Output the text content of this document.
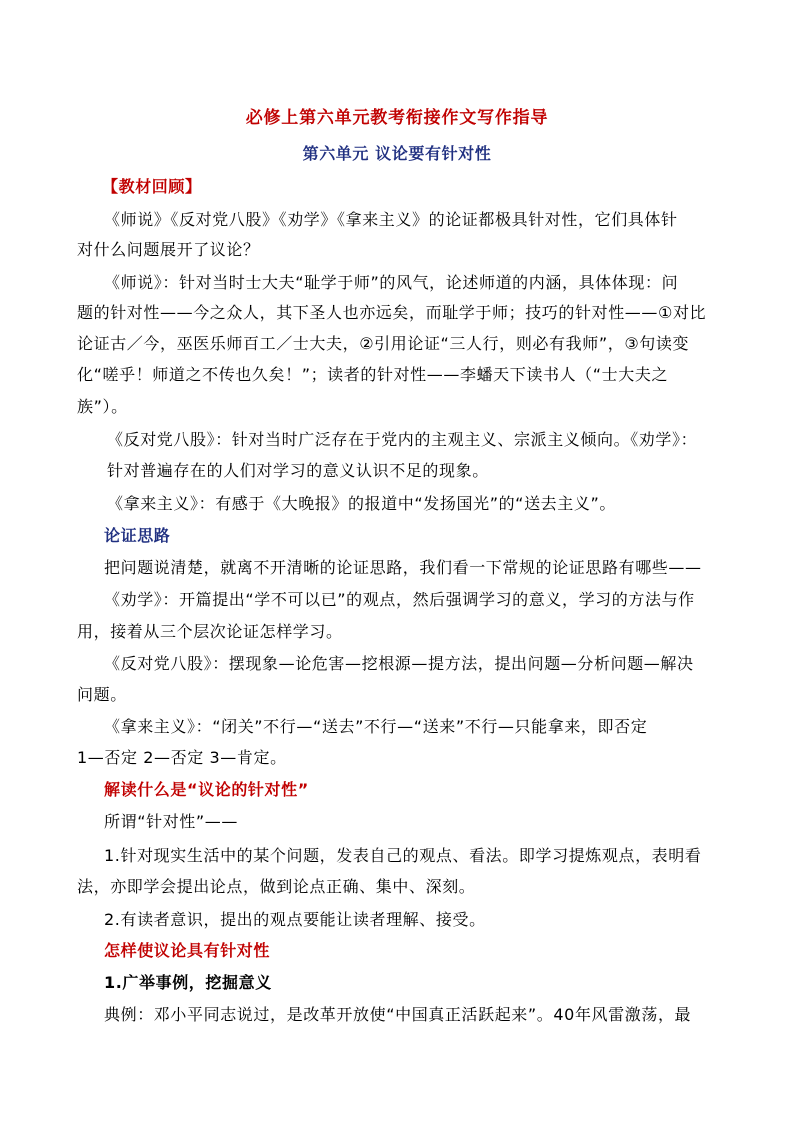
必修上第六单元教考衔接作文写作指导
第六单元 议论要有针对性
【教材回顾】
《师说》《反对党八股》《劝学》《拿来主义》的论证都极具针对性，它们具体针
对什么问题展开了议论？
《师说》：针对当时士大夫“耻学于师”的风气，论述师道的内涵，具体体现：问
题的针对性——今之众人，其下圣人也亦远矣，而耻学于师；技巧的针对性——①对比
论证古／今，巫医乐师百工／士大夫，②引用论证“三人行，则必有我师”，③句读变
化“嗟乎！师道之不传也久矣！”；读者的针对性——李蟠天下读书人（“士大夫之
族”）。
《反对党八股》：针对当时广泛存在于党内的主观主义、宗派主义倾向。《劝学》：
针对普遍存在的人们对学习的意义认识不足的现象。
《拿来主义》：有感于《大晚报》的报道中“发扬国光”的“送去主义”。
论证思路
把问题说清楚，就离不开清晰的论证思路，我们看一下常规的论证思路有哪些——
《劝学》：开篇提出“学不可以已”的观点，然后强调学习的意义，学习的方法与作
用，接着从三个层次论证怎样学习。
《反对党八股》：摆现象—论危害—挖根源—提方法，提出问题—分析问题—解决
问题。
《拿来主义》：“闭关”不行—“送去”不行—“送来”不行—只能拿来，即否定
1—否定 2—否定 3—肯定。
解读什么是“议论的针对性”
所谓“针对性”——
1.针对现实生活中的某个问题，发表自己的观点、看法。即学习提炼观点，表明看
法，亦即学会提出论点，做到论点正确、集中、深刻。
2.有读者意识，提出的观点要能让读者理解、接受。
怎样使议论具有针对性
1.广举事例，挖掘意义
典例：邓小平同志说过，是改革开放使“中国真正活跃起来”。40年风雷激荡，最
